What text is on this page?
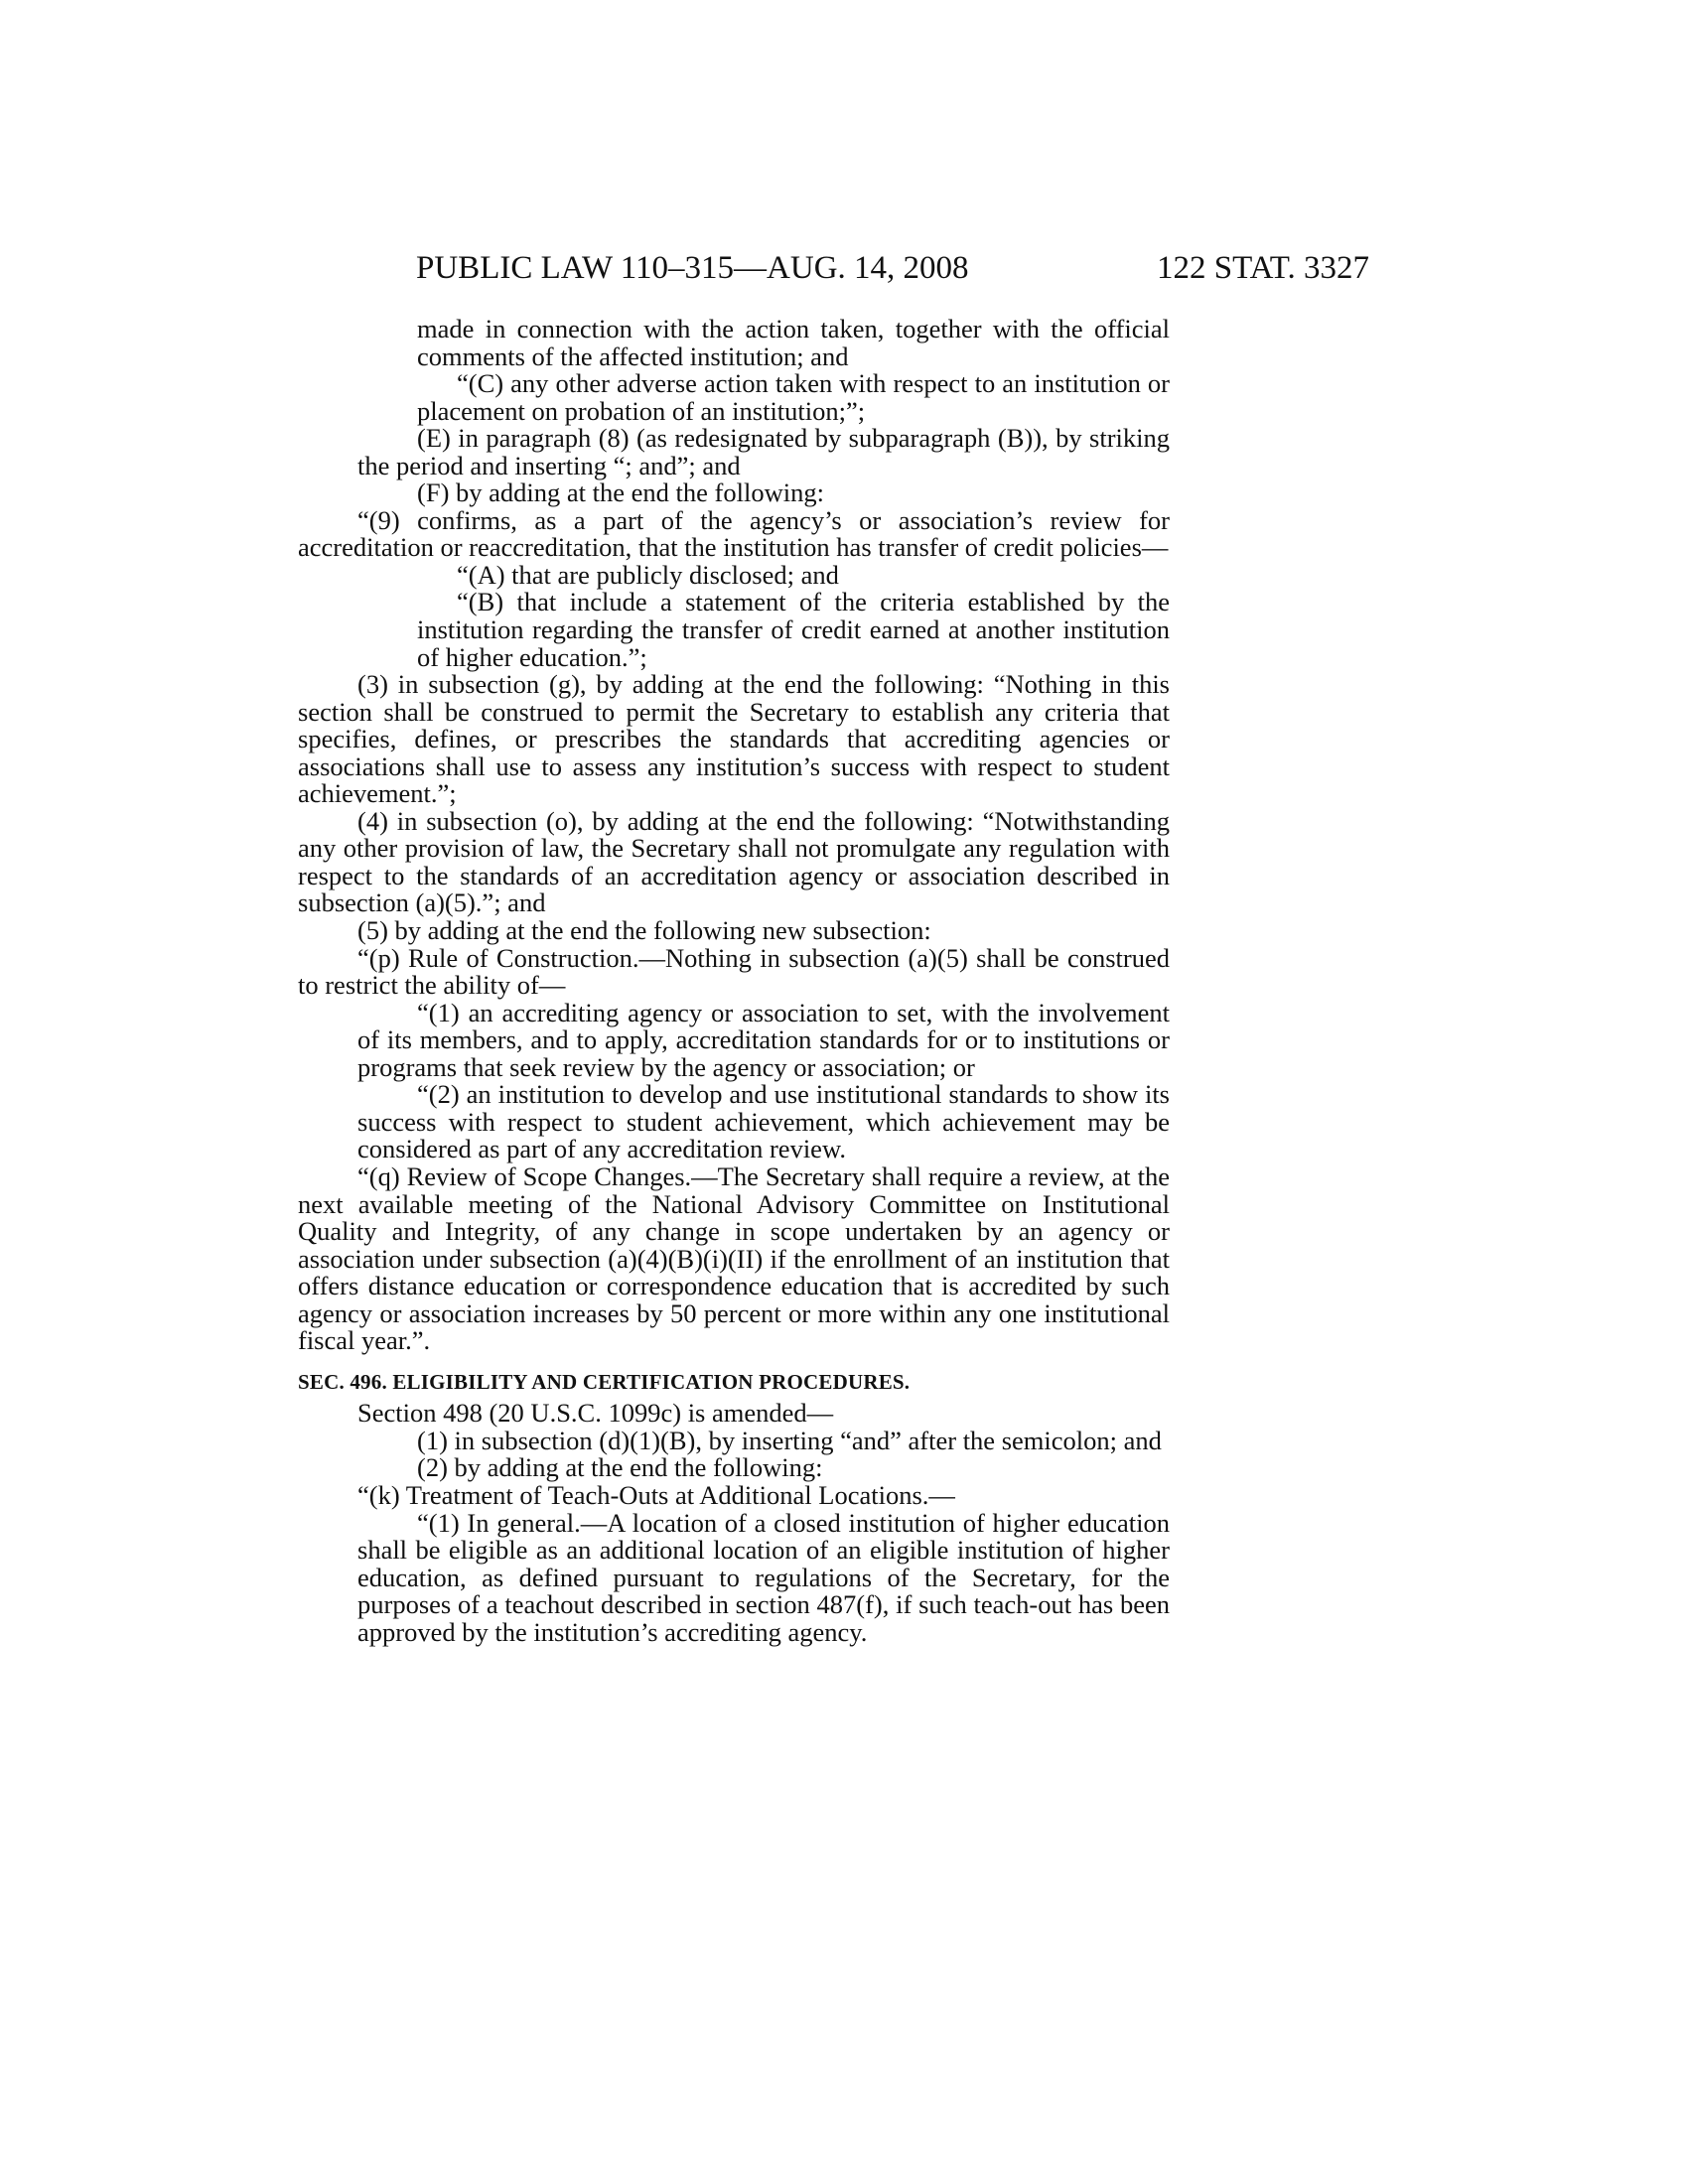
PUBLIC LAW 110–315—AUG. 14, 2008	122 STAT. 3327

made in connection with the action taken, together with the official comments of the affected institution; and

“(C) any other adverse action taken with respect to an institution or placement on probation of an institution;”;

(E) in paragraph (8) (as redesignated by subparagraph (B)), by striking the period and inserting “; and”; and

(F) by adding at the end the following:

“(9) confirms, as a part of the agency’s or association’s review for accreditation or reaccreditation, that the institution has transfer of credit policies—

“(A) that are publicly disclosed; and

“(B) that include a statement of the criteria established by the institution regarding the transfer of credit earned at another institution of higher education.”;

(3) in subsection (g), by adding at the end the following: “Nothing in this section shall be construed to permit the Secretary to establish any criteria that specifies, defines, or prescribes the standards that accrediting agencies or associations shall use to assess any institution’s success with respect to student achievement.”;

(4) in subsection (o), by adding at the end the following: “Notwithstanding any other provision of law, the Secretary shall not promulgate any regulation with respect to the standards of an accreditation agency or association described in subsection (a)(5).”; and

(5) by adding at the end the following new subsection:

“(p) Rule of Construction.—Nothing in subsection (a)(5) shall be construed to restrict the ability of—

“(1) an accrediting agency or association to set, with the involvement of its members, and to apply, accreditation standards for or to institutions or programs that seek review by the agency or association; or

“(2) an institution to develop and use institutional standards to show its success with respect to student achievement, which achievement may be considered as part of any accreditation review.

“(q) Review of Scope Changes.—The Secretary shall require a review, at the next available meeting of the National Advisory Committee on Institutional Quality and Integrity, of any change in scope undertaken by an agency or association under subsection (a)(4)(B)(i)(II) if the enrollment of an institution that offers distance education or correspondence education that is accredited by such agency or association increases by 50 percent or more within any one institutional fiscal year.”.

SEC. 496. ELIGIBILITY AND CERTIFICATION PROCEDURES.

Section 498 (20 U.S.C. 1099c) is amended—

(1) in subsection (d)(1)(B), by inserting “and” after the semicolon; and

(2) by adding at the end the following:

“(k) Treatment of Teach-Outs at Additional Locations.—

“(1) In general.—A location of a closed institution of higher education shall be eligible as an additional location of an eligible institution of higher education, as defined pursuant to regulations of the Secretary, for the purposes of a teachout described in section 487(f), if such teach-out has been approved by the institution’s accrediting agency.
